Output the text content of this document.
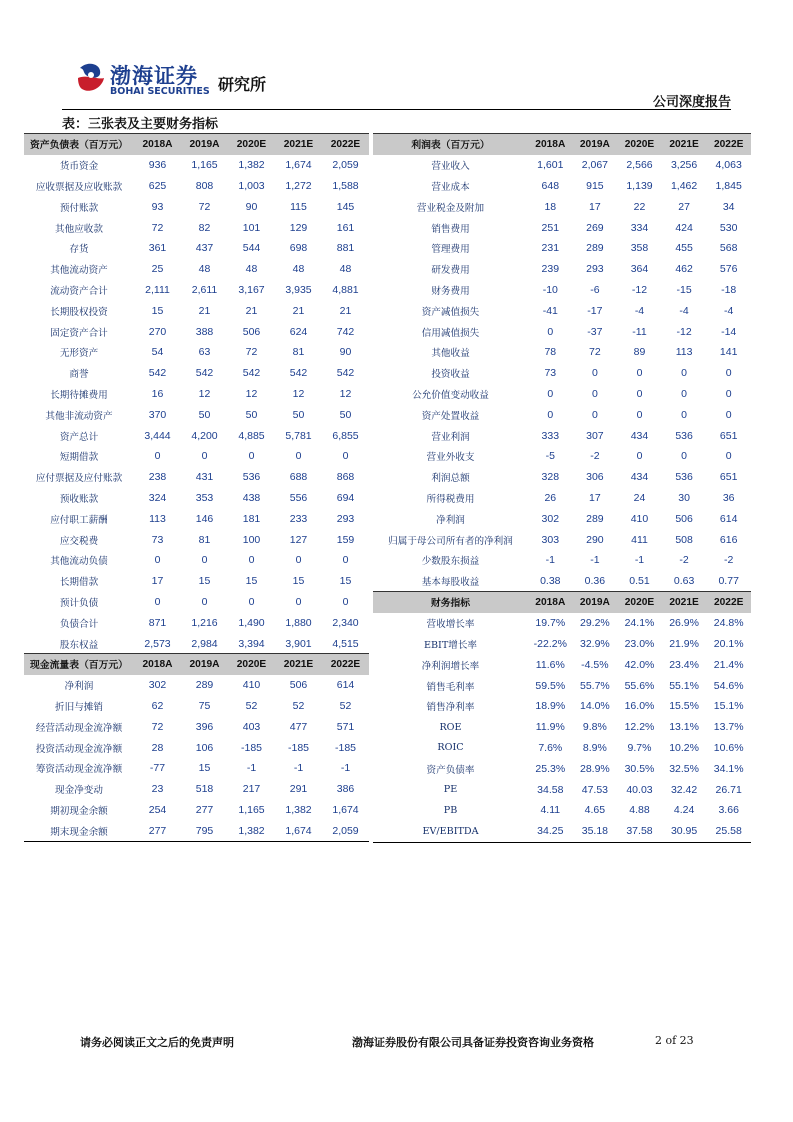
渤海证券
BOHAI SECURITIES 研究所
公司深度报告
表：三张表及主要财务指标
资产负债表（百万元）	2018A	2019A	2020E	2021E	2022E
货币资金	936	1,165	1,382	1,674	2,059
应收票据及应收账款	625	808	1,003	1,272	1,588
预付账款	93	72	90	115	145
其他应收款	72	82	101	129	161
存货	361	437	544	698	881
其他流动资产	25	48	48	48	48
流动资产合计	2,111	2,611	3,167	3,935	4,881
长期股权投资	15	21	21	21	21
固定资产合计	270	388	506	624	742
无形资产	54	63	72	81	90
商誉	542	542	542	542	542
长期待摊费用	16	12	12	12	12
其他非流动资产	370	50	50	50	50
资产总计	3,444	4,200	4,885	5,781	6,855
短期借款	0	0	0	0	0
应付票据及应付账款	238	431	536	688	868
预收账款	324	353	438	556	694
应付职工薪酬	113	146	181	233	293
应交税费	73	81	100	127	159
其他流动负债	0	0	0	0	0
长期借款	17	15	15	15	15
预计负债	0	0	0	0	0
负债合计	871	1,216	1,490	1,880	2,340
股东权益	2,573	2,984	3,394	3,901	4,515
现金流量表（百万元）	2018A	2019A	2020E	2021E	2022E
净利润	302	289	410	506	614
折旧与摊销	62	75	52	52	52
经营活动现金流净额	72	396	403	477	571
投资活动现金流净额	28	106	-185	-185	-185
筹资活动现金流净额	-77	15	-1	-1	-1
现金净变动	23	518	217	291	386
期初现金余额	254	277	1,165	1,382	1,674
期末现金余额	277	795	1,382	1,674	2,059
利润表（百万元）	2018A	2019A	2020E	2021E	2022E
营业收入	1,601	2,067	2,566	3,256	4,063
营业成本	648	915	1,139	1,462	1,845
营业税金及附加	18	17	22	27	34
销售费用	251	269	334	424	530
管理费用	231	289	358	455	568
研发费用	239	293	364	462	576
财务费用	-10	-6	-12	-15	-18
资产减值损失	-41	-17	-4	-4	-4
信用减值损失	0	-37	-11	-12	-14
其他收益	78	72	89	113	141
投资收益	73	0	0	0	0
公允价值变动收益	0	0	0	0	0
资产处置收益	0	0	0	0	0
营业利润	333	307	434	536	651
营业外收支	-5	-2	0	0	0
利润总额	328	306	434	536	651
所得税费用	26	17	24	30	36
净利润	302	289	410	506	614
归属于母公司所有者的净利润	303	290	411	508	616
少数股东损益	-1	-1	-1	-2	-2
基本每股收益	0.38	0.36	0.51	0.63	0.77
财务指标	2018A	2019A	2020E	2021E	2022E
营收增长率	19.7%	29.2%	24.1%	26.9%	24.8%
EBIT增长率	-22.2%	32.9%	23.0%	21.9%	20.1%
净利润增长率	11.6%	-4.5%	42.0%	23.4%	21.4%
销售毛利率	59.5%	55.7%	55.6%	55.1%	54.6%
销售净利率	18.9%	14.0%	16.0%	15.5%	15.1%
ROE	11.9%	9.8%	12.2%	13.1%	13.7%
ROIC	7.6%	8.9%	9.7%	10.2%	10.6%
资产负债率	25.3%	28.9%	30.5%	32.5%	34.1%
PE	34.58	47.53	40.03	32.42	26.71
PB	4.11	4.65	4.88	4.24	3.66
EV/EBITDA	34.25	35.18	37.58	30.95	25.58
请务必阅读正文之后的免责声明	渤海证券股份有限公司具备证券投资咨询业务资格	2 of 23
